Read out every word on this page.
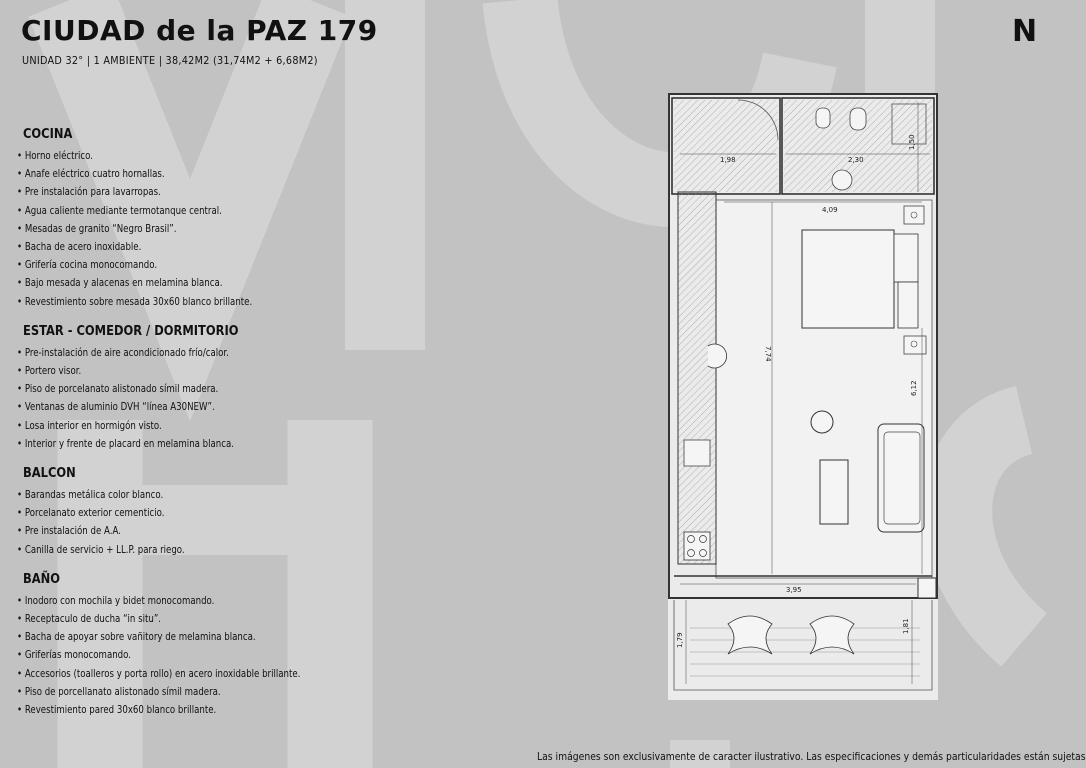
CIUDAD de la PAZ 179
UNIDAD 32° | 1 AMBIENTE | 38,42M2 (31,74M2 + 6,68M2)
N
COCINA
• Horno eléctrico.
• Anafe eléctrico cuatro hornallas.
• Pre instalación para lavarropas.
• Agua caliente mediante termotanque central.
• Mesadas de granito “Negro Brasil”.
• Bacha de acero inoxidable.
• Grifería cocina monocomando.
• Bajo mesada y alacenas en melamina blanca.
• Revestimiento sobre mesada 30x60 blanco brillante.
ESTAR - COMEDOR / DORMITORIO
• Pre-instalación de aire acondicionado frío/calor.
• Portero visor.
• Piso de porcelanato alistonado símil madera.
• Ventanas de aluminio DVH “línea A30NEW”.
• Losa interior en hormigón visto.
• Interior y frente de placard en melamina blanca.
BALCON
• Barandas metálica color blanco.
• Porcelanato exterior cementicio.
• Pre instalación de A.A.
• Canilla de servicio + LL.P. para riego.
BAÑO
• Inodoro con mochila y bidet monocomando.
• Receptaculo de ducha “in situ”.
• Bacha de apoyar sobre vañitory de melamina blanca.
• Griferías monocomando.
• Accesorios (toalleros y porta rollo) en acero inoxidable brillante.
• Piso de porcellanato alistonado símil madera.
• Revestimiento pared 30x60 blanco brillante.
1,98	2,30
1,50
4,09
7,74
6,12
3,95
1,79
1,81
Las imágenes son exclusivamente de caracter ilustrativo. Las especificaciones y demás particularidades están sujetas
